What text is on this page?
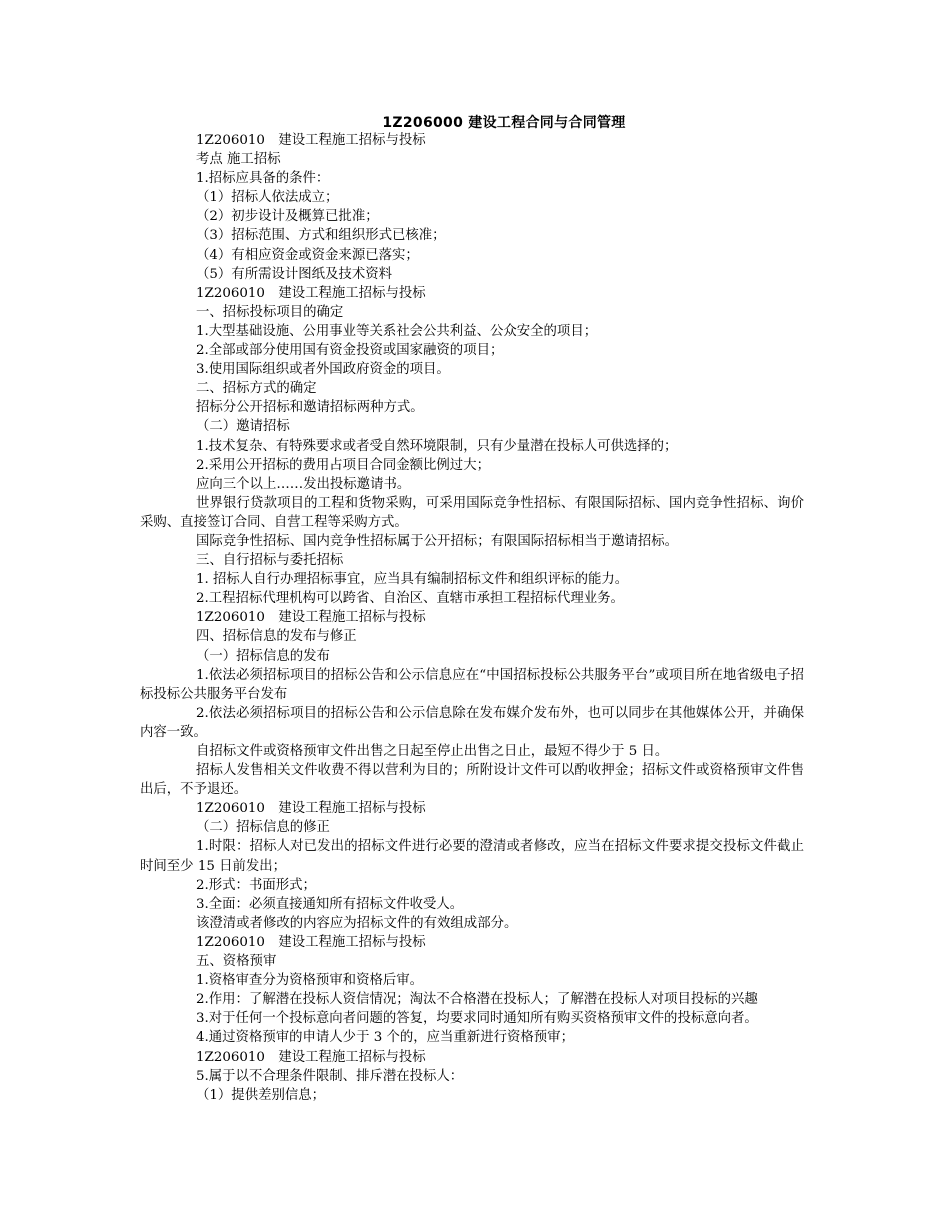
1Z206000 建设工程合同与合同管理

1Z206010　建设工程施工招标与投标

考点 施工招标

1.招标应具备的条件：

（1）招标人依法成立；

（2）初步设计及概算已批准；

（3）招标范围、方式和组织形式已核准；

（4）有相应资金或资金来源已落实；

（5）有所需设计图纸及技术资料

1Z206010　建设工程施工招标与投标

一、招标投标项目的确定

1.大型基础设施、公用事业等关系社会公共利益、公众安全的项目；

2.全部或部分使用国有资金投资或国家融资的项目；

3.使用国际组织或者外国政府资金的项目。

二、招标方式的确定

招标分公开招标和邀请招标两种方式。

（二）邀请招标

1.技术复杂、有特殊要求或者受自然环境限制，只有少量潜在投标人可供选择的；

2.采用公开招标的费用占项目合同金额比例过大；

应向三个以上……发出投标邀请书。

世界银行贷款项目的工程和货物采购，可采用国际竞争性招标、有限国际招标、国内竞争性招标、询价采购、直接签订合同、自营工程等采购方式。

国际竞争性招标、国内竞争性招标属于公开招标；有限国际招标相当于邀请招标。

三、自行招标与委托招标

1. 招标人自行办理招标事宜，应当具有编制招标文件和组织评标的能力。

2.工程招标代理机构可以跨省、自治区、直辖市承担工程招标代理业务。

1Z206010　建设工程施工招标与投标

四、招标信息的发布与修正

（一）招标信息的发布

1.依法必须招标项目的招标公告和公示信息应在“中国招标投标公共服务平台”或项目所在地省级电子招标投标公共服务平台发布

2.依法必须招标项目的招标公告和公示信息除在发布媒介发布外，也可以同步在其他媒体公开，并确保内容一致。

自招标文件或资格预审文件出售之日起至停止出售之日止，最短不得少于 5 日。

招标人发售相关文件收费不得以营利为目的；所附设计文件可以酌收押金；招标文件或资格预审文件售出后，不予退还。

1Z206010　建设工程施工招标与投标

（二）招标信息的修正

1.时限：招标人对已发出的招标文件进行必要的澄清或者修改，应当在招标文件要求提交投标文件截止时间至少 15 日前发出；

2.形式：书面形式；

3.全面：必须直接通知所有招标文件收受人。

该澄清或者修改的内容应为招标文件的有效组成部分。

1Z206010　建设工程施工招标与投标

五、资格预审

1.资格审查分为资格预审和资格后审。

2.作用：了解潜在投标人资信情况；淘汰不合格潜在投标人；了解潜在投标人对项目投标的兴趣

3.对于任何一个投标意向者问题的答复，均要求同时通知所有购买资格预审文件的投标意向者。

4.通过资格预审的申请人少于 3 个的，应当重新进行资格预审；

1Z206010　建设工程施工招标与投标

5.属于以不合理条件限制、排斥潜在投标人：

（1）提供差别信息；
